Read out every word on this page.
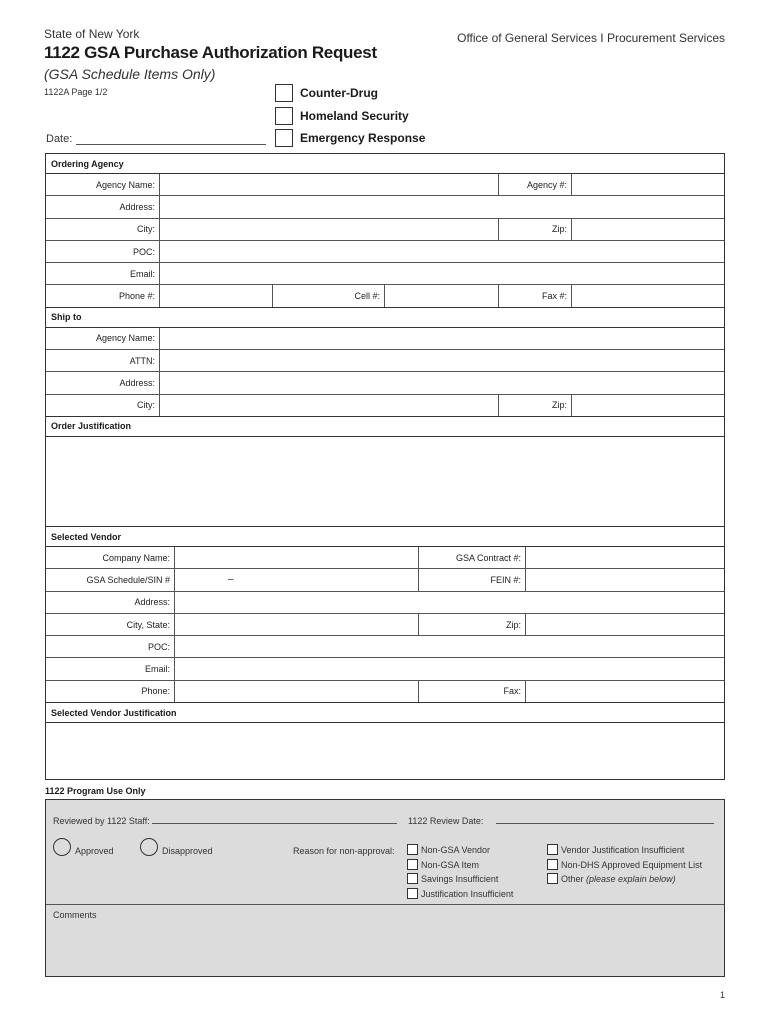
State of New York	Office of General Services I Procurement Services
1122 GSA Purchase Authorization Request
(GSA Schedule Items Only)
1122A Page 1/2
Date:
Counter-Drug
Homeland Security
Emergency Response
Ordering Agency
Agency Name:	Agency #:
Address:
City:	Zip:
POC:
Email:
Phone #:	Cell #:	Fax #:
Ship to
Agency Name:
ATTN:
Address:
City:	Zip:
Order Justification
Selected Vendor
Company Name:	GSA Contract #:
GSA Schedule/SIN #	–	FEIN #:
Address:
City, State:	Zip:
POC:
Email:
Phone:	Fax:
Selected Vendor Justification
1122 Program Use Only
Reviewed by 1122 Staff:	1122 Review Date:
Approved	Disapproved	Reason for non-approval:	Non-GSA Vendor
Non-GSA Item
Savings Insufficient
Justification Insufficient
Vendor Justification Insufficient
Non-DHS Approved Equipment List
Other (please explain below)
Comments
1
